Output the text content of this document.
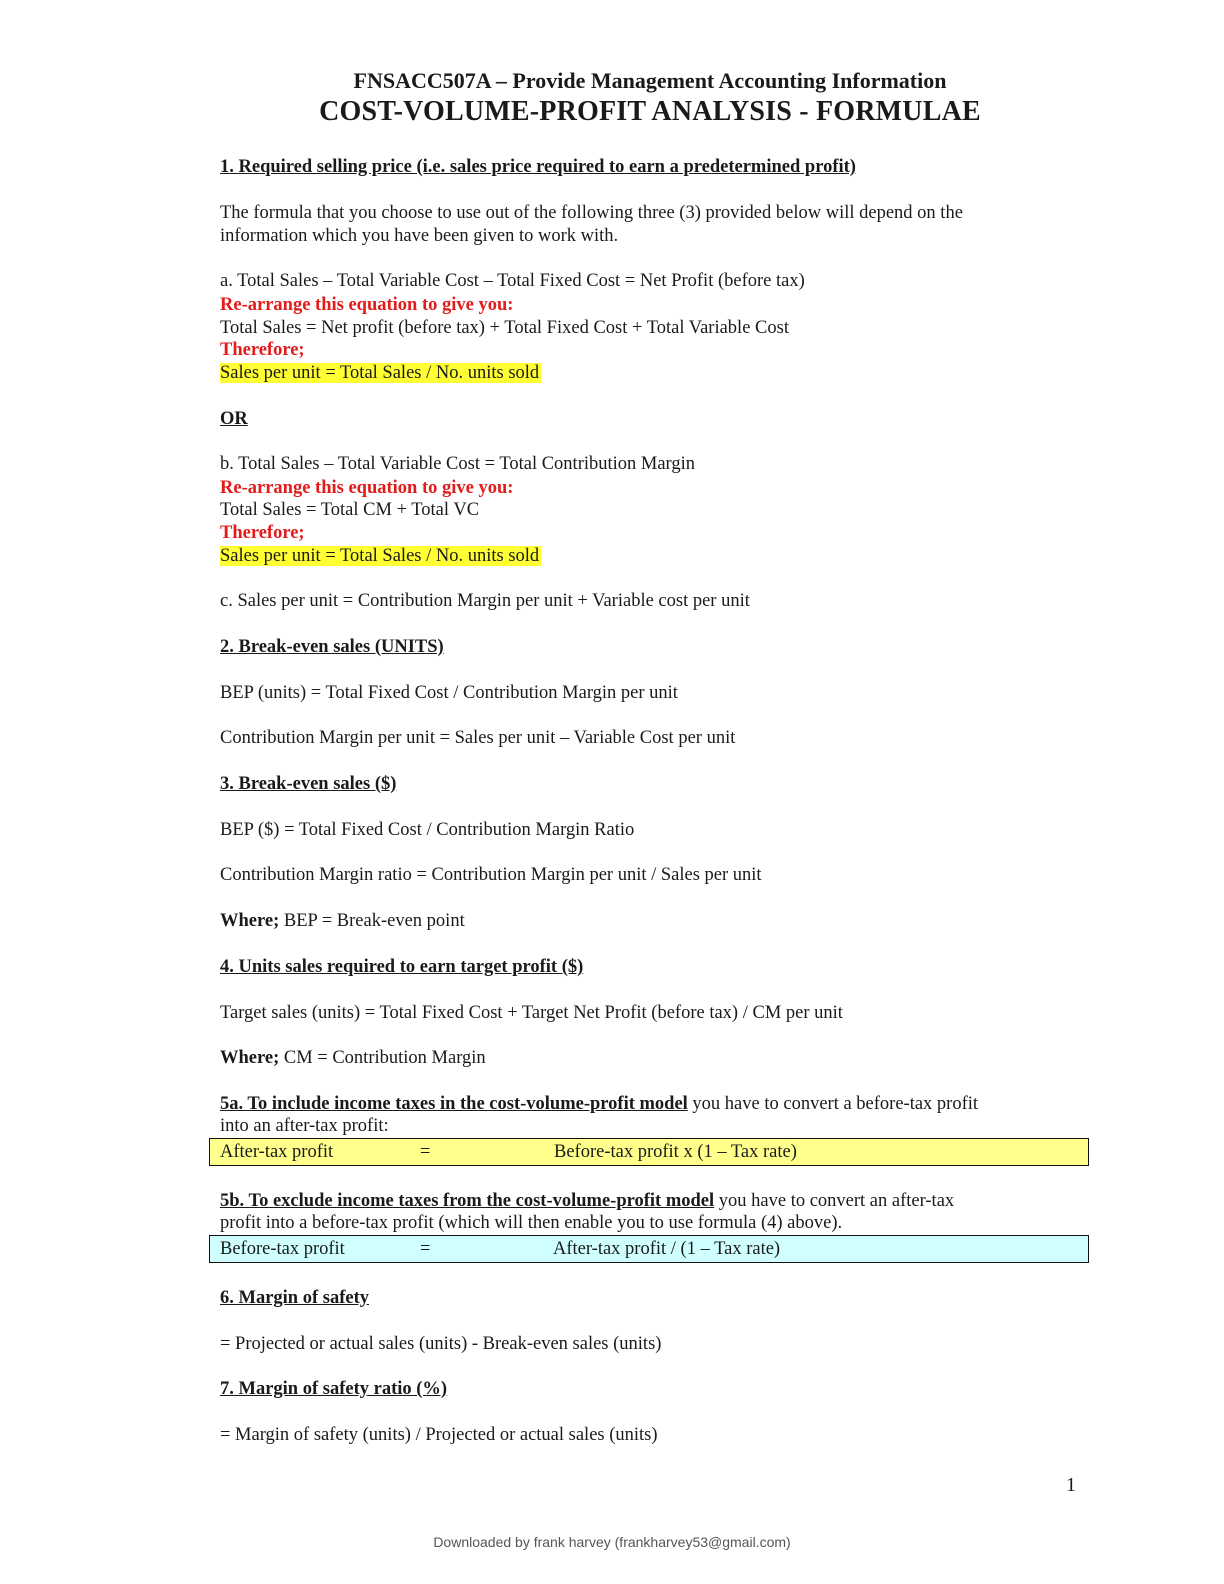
FNSACC507A – Provide Management Accounting Information
COST-VOLUME-PROFIT ANALYSIS - FORMULAE
1. Required selling price (i.e. sales price required to earn a predetermined profit)
The formula that you choose to use out of the following three (3) provided below will depend on the
information which you have been given to work with.
a. Total Sales – Total Variable Cost – Total Fixed Cost = Net Profit (before tax)
Re-arrange this equation to give you:
Total Sales = Net profit (before tax) + Total Fixed Cost + Total Variable Cost
Therefore;
Sales per unit = Total Sales / No. units sold
OR
b. Total Sales – Total Variable Cost = Total Contribution Margin
Re-arrange this equation to give you:
Total Sales = Total CM + Total VC
Therefore;
Sales per unit = Total Sales / No. units sold
c. Sales per unit = Contribution Margin per unit + Variable cost per unit
2. Break-even sales (UNITS)
BEP (units) = Total Fixed Cost / Contribution Margin per unit
Contribution Margin per unit = Sales per unit – Variable Cost per unit
3. Break-even sales ($)
BEP ($) = Total Fixed Cost / Contribution Margin Ratio
Contribution Margin ratio = Contribution Margin per unit / Sales per unit
Where; BEP = Break-even point
4. Units sales required to earn target profit ($)
Target sales (units) = Total Fixed Cost + Target Net Profit (before tax) / CM per unit
Where; CM = Contribution Margin
5a. To include income taxes in the cost-volume-profit model you have to convert a before-tax profit
into an after-tax profit:
After-tax profit	=	Before-tax profit x (1 – Tax rate)
5b. To exclude income taxes from the cost-volume-profit model you have to convert an after-tax
profit into a before-tax profit (which will then enable you to use formula (4) above).
Before-tax profit	=	After-tax profit / (1 – Tax rate)
6. Margin of safety
= Projected or actual sales (units) - Break-even sales (units)
7. Margin of safety ratio (%)
= Margin of safety (units) / Projected or actual sales (units)
1
Downloaded by frank harvey (frankharvey53@gmail.com)
